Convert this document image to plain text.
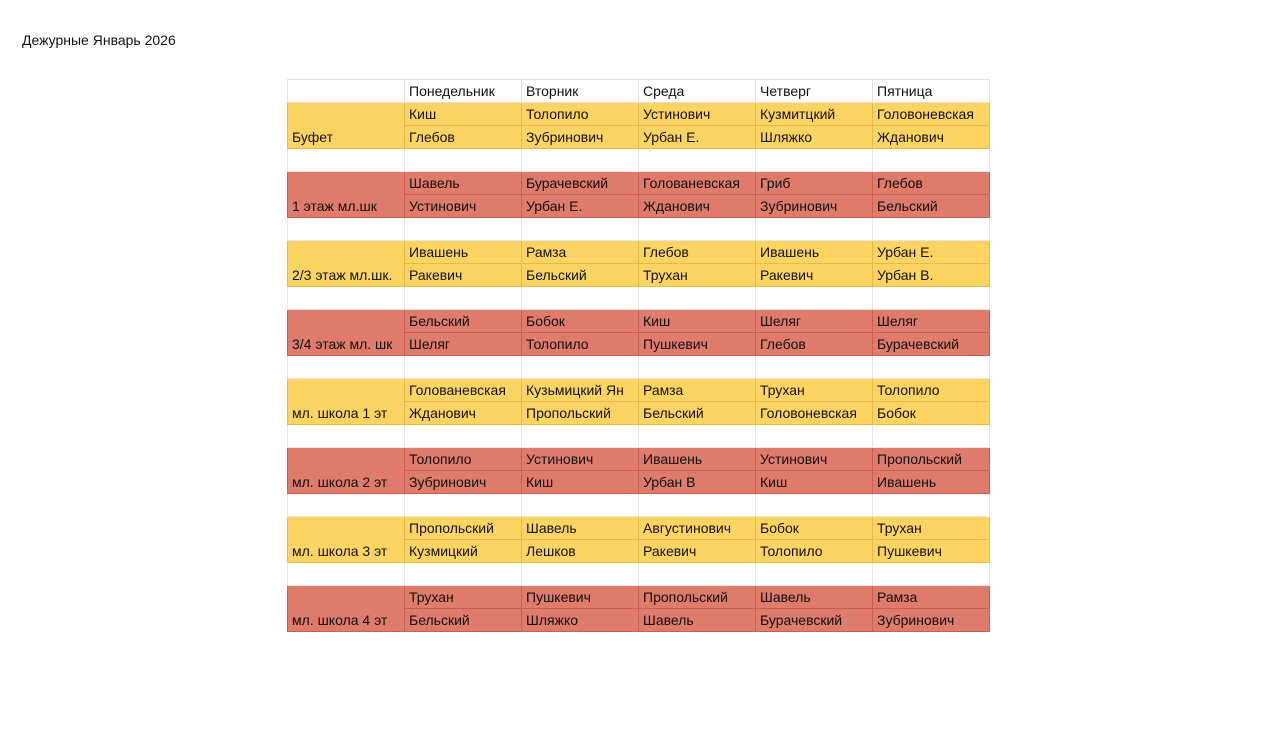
Дежурные Январь 2026
	Понедельник	Вторник	Среда	Четверг	Пятница
Буфет	Киш	Толопило	Устинович	Кузмитцкий	Головоневская
	Глебов	Зубринович	Урбан Е.	Шляжко	Жданович

1 этаж мл.шк	Шавель	Бурачевский	Голованевская	Гриб	Глебов
	Устинович	Урбан Е.	Жданович	Зубринович	Бельский

2/3 этаж мл.шк.	Ивашень	Рамза	Глебов	Ивашень	Урбан Е.
	Ракевич	Бельский	Трухан	Ракевич	Урбан В.

3/4 этаж мл. шк	Бельский	Бобок	Киш	Шеляг	Шеляг
	Шеляг	Толопило	Пушкевич	Глебов	Бурачевский

мл. школа 1 эт	Голованевская	Кузьмицкий Ян	Рамза	Трухан	Толопило
	Жданович	Пропольский	Бельский	Головоневская	Бобок

мл. школа 2 эт	Толопило	Устинович	Ивашень	Устинович	Пропольский
	Зубринович	Киш	Урбан В	Киш	Ивашень

мл. школа 3 эт	Пропольский	Шавель	Августинович	Бобок	Трухан
	Кузмицкий	Лешков	Ракевич	Толопило	Пушкевич

мл. школа 4 эт	Трухан	Пушкевич	Пропольский	Шавель	Рамза
	Бельский	Шляжко	Шавель	Бурачевский	Зубринович
